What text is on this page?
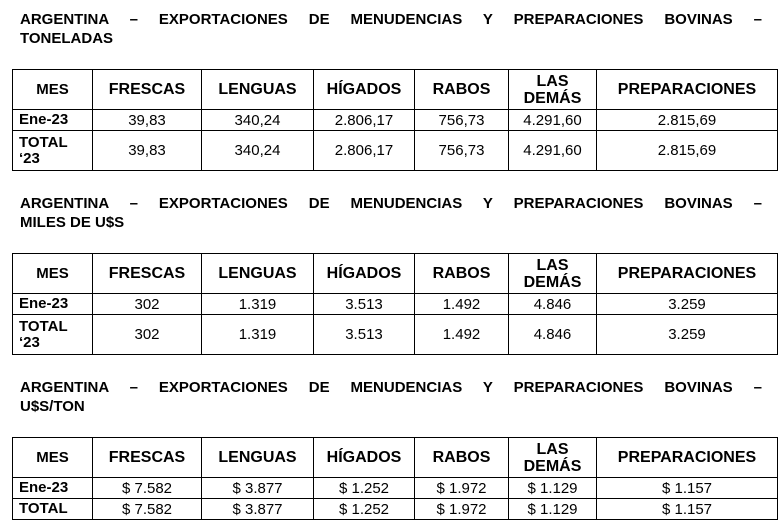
ARGENTINA – EXPORTACIONES DE MENUDENCIAS Y PREPARACIONES BOVINAS –
TONELADAS
MES	FRESCAS	LENGUAS	HÍGADOS	RABOS	LAS DEMÁS	PREPARACIONES
Ene-23	39,83	340,24	2.806,17	756,73	4.291,60	2.815,69
TOTAL ‘23	39,83	340,24	2.806,17	756,73	4.291,60	2.815,69
ARGENTINA – EXPORTACIONES DE MENUDENCIAS Y PREPARACIONES BOVINAS –
MILES DE U$S
MES	FRESCAS	LENGUAS	HÍGADOS	RABOS	LAS DEMÁS	PREPARACIONES
Ene-23	302	1.319	3.513	1.492	4.846	3.259
TOTAL ‘23	302	1.319	3.513	1.492	4.846	3.259
ARGENTINA – EXPORTACIONES DE MENUDENCIAS Y PREPARACIONES BOVINAS –
U$S/TON
MES	FRESCAS	LENGUAS	HÍGADOS	RABOS	LAS DEMÁS	PREPARACIONES
Ene-23	$ 7.582	$ 3.877	$ 1.252	$ 1.972	$ 1.129	$ 1.157
TOTAL	$ 7.582	$ 3.877	$ 1.252	$ 1.972	$ 1.129	$ 1.157
